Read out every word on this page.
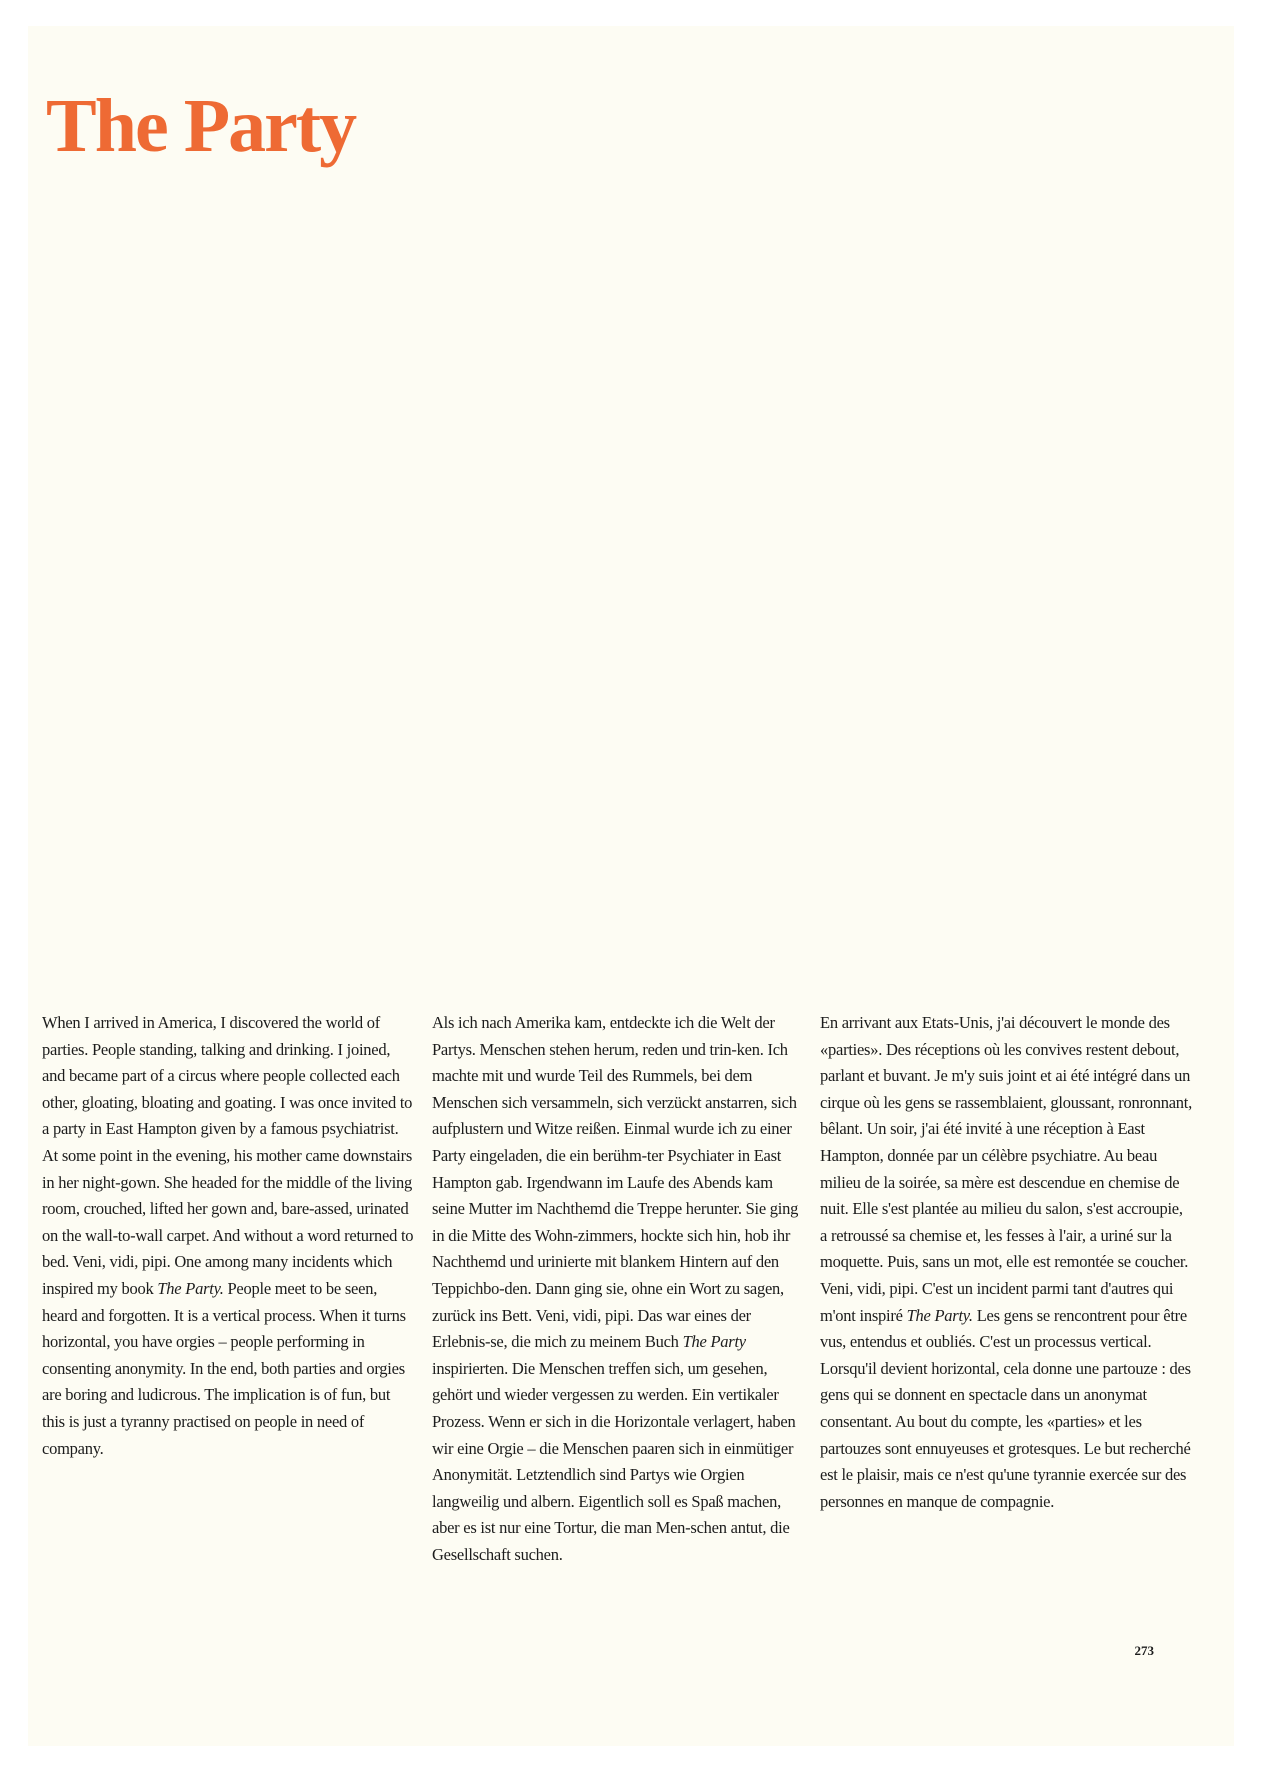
The Party

When I arrived in America, I discovered the world of parties. People standing, talking and drinking. I joined, and became part of a circus where people collected each other, gloating, bloating and goating. I was once invited to a party in East Hampton given by a famous psychiatrist. At some point in the evening, his mother came downstairs in her night-gown. She headed for the middle of the living room, crouched, lifted her gown and, bare-assed, urinated on the wall-to-wall carpet. And without a word returned to bed. Veni, vidi, pipi. One among many incidents which inspired my book The Party. People meet to be seen, heard and forgotten. It is a vertical process. When it turns horizontal, you have orgies – people performing in consenting anonymity. In the end, both parties and orgies are boring and ludicrous. The implication is of fun, but this is just a tyranny practised on people in need of company.

Als ich nach Amerika kam, entdeckte ich die Welt der Partys. Menschen stehen herum, reden und trin-ken. Ich machte mit und wurde Teil des Rummels, bei dem Menschen sich versammeln, sich verzückt anstarren, sich aufplustern und Witze reißen. Einmal wurde ich zu einer Party eingeladen, die ein berühm-ter Psychiater in East Hampton gab. Irgendwann im Laufe des Abends kam seine Mutter im Nachthemd die Treppe herunter. Sie ging in die Mitte des Wohn-zimmers, hockte sich hin, hob ihr Nachthemd und urinierte mit blankem Hintern auf den Teppichbo-den. Dann ging sie, ohne ein Wort zu sagen, zurück ins Bett. Veni, vidi, pipi. Das war eines der Erlebnis-se, die mich zu meinem Buch The Party inspirierten. Die Menschen treffen sich, um gesehen, gehört und wieder vergessen zu werden. Ein vertikaler Prozess. Wenn er sich in die Horizontale verlagert, haben wir eine Orgie – die Menschen paaren sich in einmütiger Anonymität. Letztendlich sind Partys wie Orgien langweilig und albern. Eigentlich soll es Spaß machen, aber es ist nur eine Tortur, die man Men-schen antut, die Gesellschaft suchen.

En arrivant aux Etats-Unis, j'ai découvert le monde des «parties». Des réceptions où les convives restent debout, parlant et buvant. Je m'y suis joint et ai été intégré dans un cirque où les gens se rassemblaient, gloussant, ronronnant, bêlant. Un soir, j'ai été invité à une réception à East Hampton, donnée par un célèbre psychiatre. Au beau milieu de la soirée, sa mère est descendue en chemise de nuit. Elle s'est plantée au milieu du salon, s'est accroupie, a retroussé sa chemise et, les fesses à l'air, a uriné sur la moquette. Puis, sans un mot, elle est remontée se coucher. Veni, vidi, pipi. C'est un incident parmi tant d'autres qui m'ont inspiré The Party. Les gens se rencontrent pour être vus, entendus et oubliés. C'est un processus vertical. Lorsqu'il devient horizontal, cela donne une partouze : des gens qui se donnent en spectacle dans un anonymat consentant. Au bout du compte, les «parties» et les partouzes sont ennuyeuses et grotesques. Le but recherché est le plaisir, mais ce n'est qu'une tyrannie exercée sur des personnes en manque de compagnie.

273
